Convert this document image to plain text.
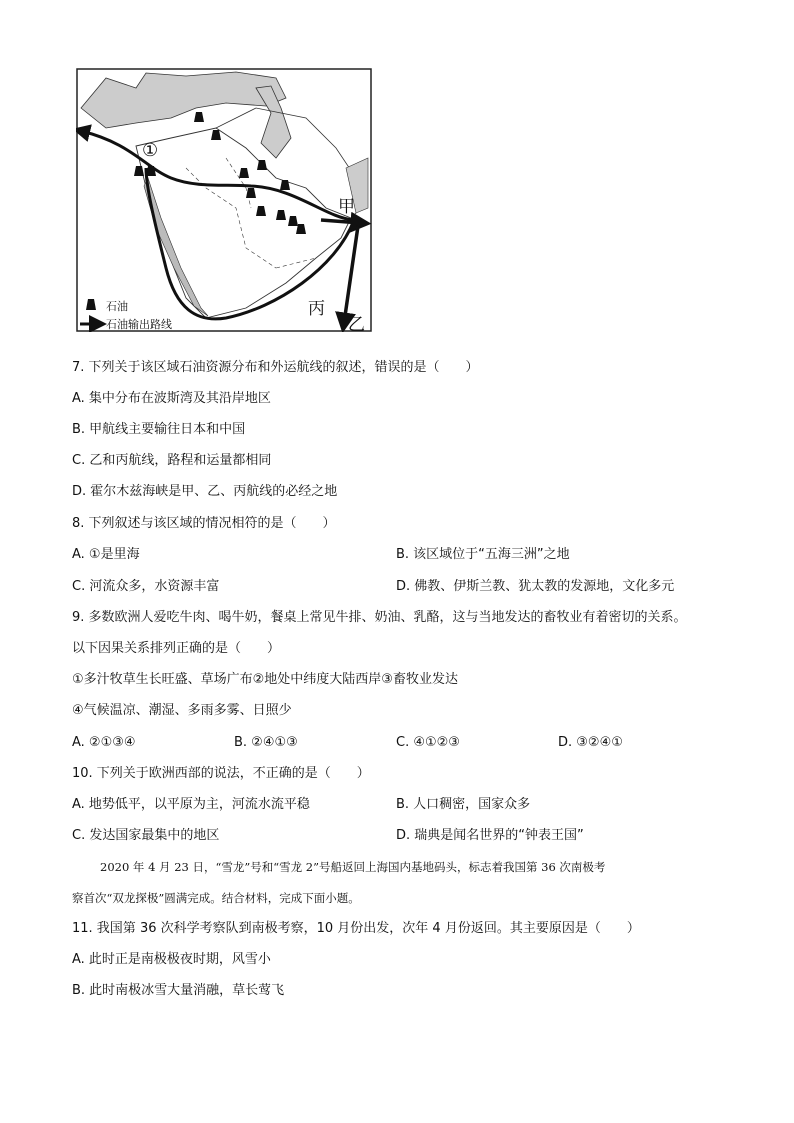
①
甲
丙
乙
石油
石油输出路线
7. 下列关于该区域石油资源分布和外运航线的叙述，错误的是（　　）
A. 集中分布在波斯湾及其沿岸地区
B. 甲航线主要输往日本和中国
C. 乙和丙航线，路程和运量都相同
D. 霍尔木兹海峡是甲、乙、丙航线的必经之地
8. 下列叙述与该区域的情况相符的是（　　）
A. ①是里海	B. 该区域位于“五海三洲”之地
C. 河流众多，水资源丰富	D. 佛教、伊斯兰教、犹太教的发源地，文化多元
9. 多数欧洲人爱吃牛肉、喝牛奶，餐桌上常见牛排、奶油、乳酪，这与当地发达的畜牧业有着密切的关系。
以下因果关系排列正确的是（　　）
①多汁牧草生长旺盛、草场广布②地处中纬度大陆西岸③畜牧业发达
④气候温凉、潮湿、多雨多雾、日照少
A. ②①③④	B. ②④①③	C. ④①②③	D. ③②④①
10. 下列关于欧洲西部的说法，不正确的是（　　）
A. 地势低平，以平原为主，河流水流平稳	B. 人口稠密，国家众多
C. 发达国家最集中的地区	D. 瑞典是闻名世界的“钟表王国”
2020 年 4 月 23 日，“雪龙”号和“雪龙 2”号船返回上海国内基地码头，标志着我国第 36 次南极考
察首次“双龙探极”圆满完成。结合材料，完成下面小题。
11. 我国第 36 次科学考察队到南极考察，10 月份出发，次年 4 月份返回。其主要原因是（　　）
A. 此时正是南极极夜时期，风雪小
B. 此时南极冰雪大量消融，草长莺飞
